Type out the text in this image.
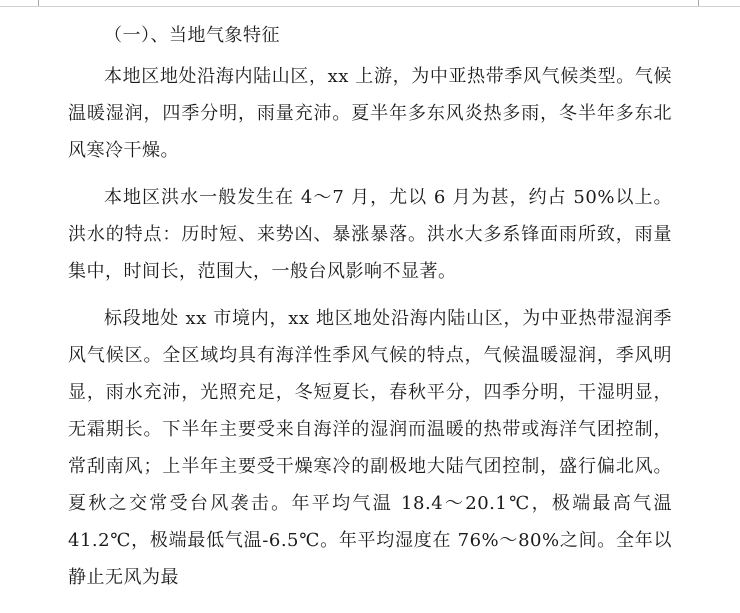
（一）、当地气象特征

本地区地处沿海内陆山区，xx 上游，为中亚热带季风气候类型。气候温暖湿润，四季分明，雨量充沛。夏半年多东风炎热多雨，冬半年多东北风寒冷干燥。

本地区洪水一般发生在 4～7 月，尤以 6 月为甚，约占 50%以上。洪水的特点：历时短、来势凶、暴涨暴落。洪水大多系锋面雨所致，雨量集中，时间长，范围大，一般台风影响不显著。

标段地处 xx 市境内，xx 地区地处沿海内陆山区，为中亚热带湿润季风气候区。全区域均具有海洋性季风气候的特点，气候温暖湿润，季风明显，雨水充沛，光照充足，冬短夏长，春秋平分，四季分明，干湿明显，无霜期长。下半年主要受来自海洋的湿润而温暖的热带或海洋气团控制，常刮南风；上半年主要受干燥寒冷的副极地大陆气团控制，盛行偏北风。夏秋之交常受台风袭击。年平均气温 18.4～20.1℃，极端最高气温 41.2℃，极端最低气温-6.5℃。年平均湿度在 76%～80%之间。全年以静止无风为最
